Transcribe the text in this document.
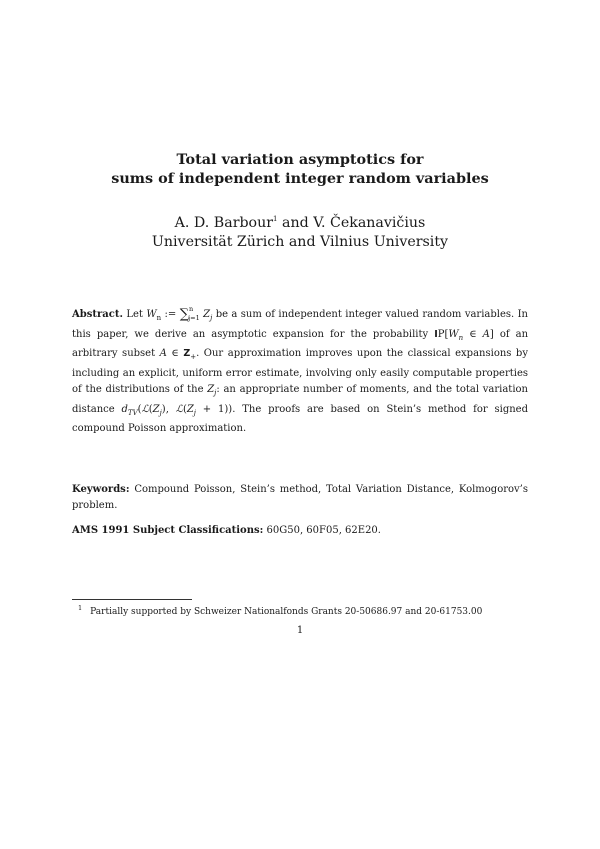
Total variation asymptotics for
sums of independent integer random variables
A. D. Barbour$^1$ and V. Čekanavičius
Universität Zürich and Vilnius University
Abstract. Let $W_n$ := ∑$^n_{j=1}$ $Z_j$ be a sum of independent integer valued random variables. In this paper, we derive an asymptotic expansion for the probability $IP[W_n$ ∈ A] of an arbitrary subset A ∈ $Z_+$. Our approximation improves upon the classical expansions by including an explicit, uniform error estimate, involving only easily computable properties of the distributions of the $Z_j$: an appropriate number of moments, and the total variation distance $d_{TV}(ℒ(Z_j)$, $ℒ(Z_j + 1)$). The proofs are based on Stein’s method for signed compound Poisson approximation.
Keywords: Compound Poisson, Stein’s method, Total Variation Distance, Kolmogorov’s problem.
AMS 1991 Subject Classifications: 60G50, 60F05, 62E20.
$^1$ Partially supported by Schweizer Nationalfonds Grants 20-50686.97 and 20-61753.00
1
